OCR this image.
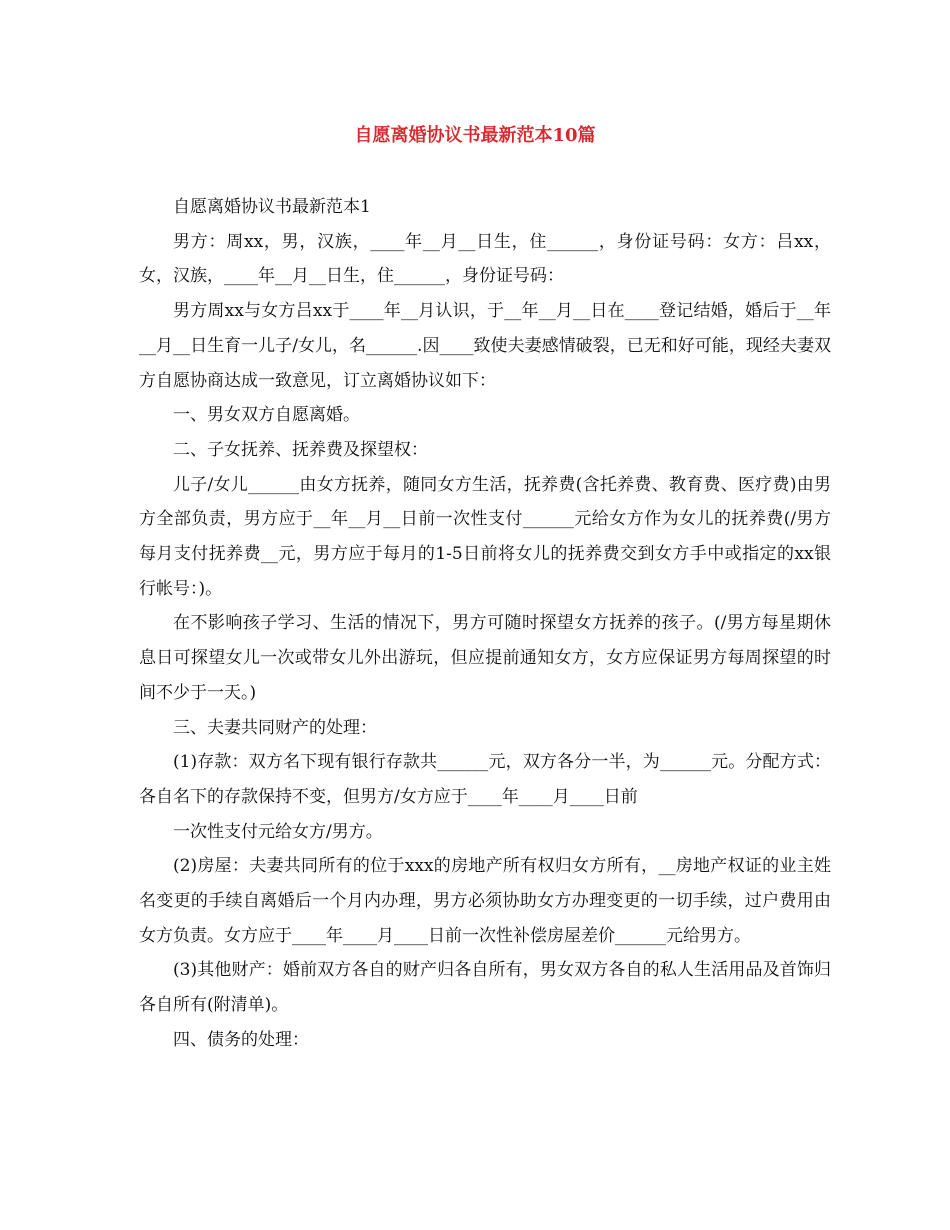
自愿离婚协议书最新范本10篇

自愿离婚协议书最新范本1

男方：周xx，男，汉族，____年__月__日生，住______，身份证号码：女方：吕xx，女，汉族，____年__月__日生，住______，身份证号码：

男方周xx与女方吕xx于____年__月认识，于__年__月__日在____登记结婚，婚后于__年__月__日生育一儿子/女儿，名______.因____致使夫妻感情破裂，已无和好可能，现经夫妻双方自愿协商达成一致意见，订立离婚协议如下：

一、男女双方自愿离婚。

二、子女抚养、抚养费及探望权：

儿子/女儿______由女方抚养，随同女方生活，抚养费(含托养费、教育费、医疗费)由男方全部负责，男方应于__年__月__日前一次性支付______元给女方作为女儿的抚养费(/男方每月支付抚养费__元，男方应于每月的1-5日前将女儿的抚养费交到女方手中或指定的xx银行帐号：)。

在不影响孩子学习、生活的情况下，男方可随时探望女方抚养的孩子。(/男方每星期休息日可探望女儿一次或带女儿外出游玩，但应提前通知女方，女方应保证男方每周探望的时间不少于一天。)

三、夫妻共同财产的处理：

(1)存款：双方名下现有银行存款共______元，双方各分一半，为______元。分配方式：各自名下的存款保持不变，但男方/女方应于____年____月____日前

一次性支付元给女方/男方。

(2)房屋：夫妻共同所有的位于xxx的房地产所有权归女方所有，__房地产权证的业主姓名变更的手续自离婚后一个月内办理，男方必须协助女方办理变更的一切手续，过户费用由女方负责。女方应于____年____月____日前一次性补偿房屋差价______元给男方。

(3)其他财产：婚前双方各自的财产归各自所有，男女双方各自的私人生活用品及首饰归各自所有(附清单)。

四、债务的处理：
